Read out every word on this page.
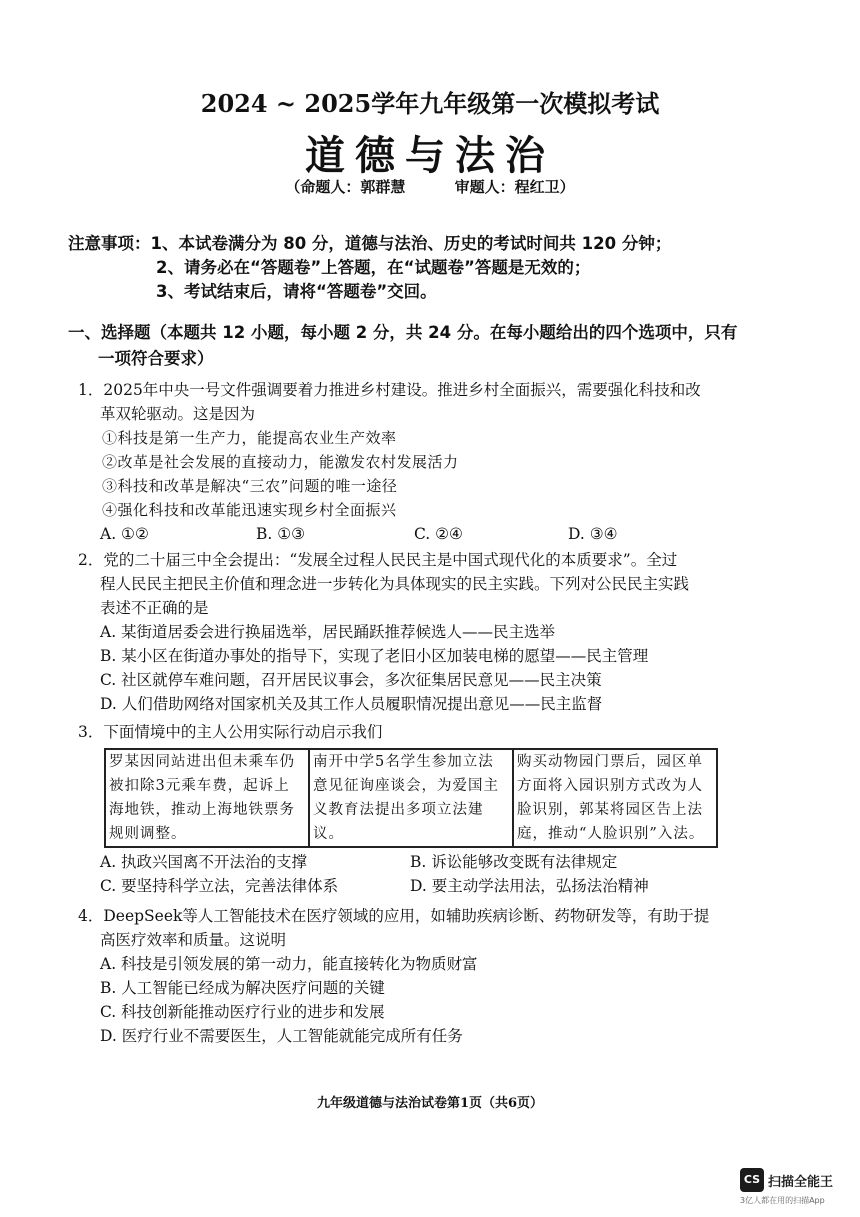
2024 ~ 2025学年九年级第一次模拟考试
道德与法治
（命题人：郭群慧	审题人：程红卫）
注意事项：1、本试卷满分为 80 分，道德与法治、历史的考试时间共 120 分钟；
2、请务必在“答题卷”上答题，在“试题卷”答题是无效的；
3、考试结束后，请将“答题卷”交回。
一、选择题（本题共 12 小题，每小题 2 分，共 24 分。在每小题给出的四个选项中，只有
一项符合要求）
1．2025年中央一号文件强调要着力推进乡村建设。推进乡村全面振兴，需要强化科技和改
革双轮驱动。这是因为
①科技是第一生产力，能提高农业生产效率
②改革是社会发展的直接动力，能激发农村发展活力
③科技和改革是解决“三农”问题的唯一途径
④强化科技和改革能迅速实现乡村全面振兴
A. ①②	B. ①③	C. ②④	D. ③④
2．党的二十届三中全会提出：“发展全过程人民民主是中国式现代化的本质要求”。全过
程人民民主把民主价值和理念进一步转化为具体现实的民主实践。下列对公民民主实践
表述不正确的是
A. 某街道居委会进行换届选举，居民踊跃推荐候选人——民主选举
B. 某小区在街道办事处的指导下，实现了老旧小区加装电梯的愿望——民主管理
C. 社区就停车难问题，召开居民议事会，多次征集居民意见——民主决策
D. 人们借助网络对国家机关及其工作人员履职情况提出意见——民主监督
3．下面情境中的主人公用实际行动启示我们
罗某因同站进出但未乘车仍被扣除3元乘车费，起诉上海地铁，推动上海地铁票务规则调整。	南开中学5名学生参加立法意见征询座谈会，为爱国主义教育法提出多项立法建议。	购买动物园门票后，园区单方面将入园识别方式改为人脸识别，郭某将园区告上法庭，推动“人脸识别”入法。
A. 执政兴国离不开法治的支撑	B. 诉讼能够改变既有法律规定
C. 要坚持科学立法，完善法律体系	D. 要主动学法用法，弘扬法治精神
4．DeepSeek等人工智能技术在医疗领域的应用，如辅助疾病诊断、药物研发等，有助于提
高医疗效率和质量。这说明
A. 科技是引领发展的第一动力，能直接转化为物质财富
B. 人工智能已经成为解决医疗问题的关键
C. 科技创新能推动医疗行业的进步和发展
D. 医疗行业不需要医生，人工智能就能完成所有任务
九年级道德与法治试卷第1页（共6页）
CS 扫描全能王
3亿人都在用的扫描App
